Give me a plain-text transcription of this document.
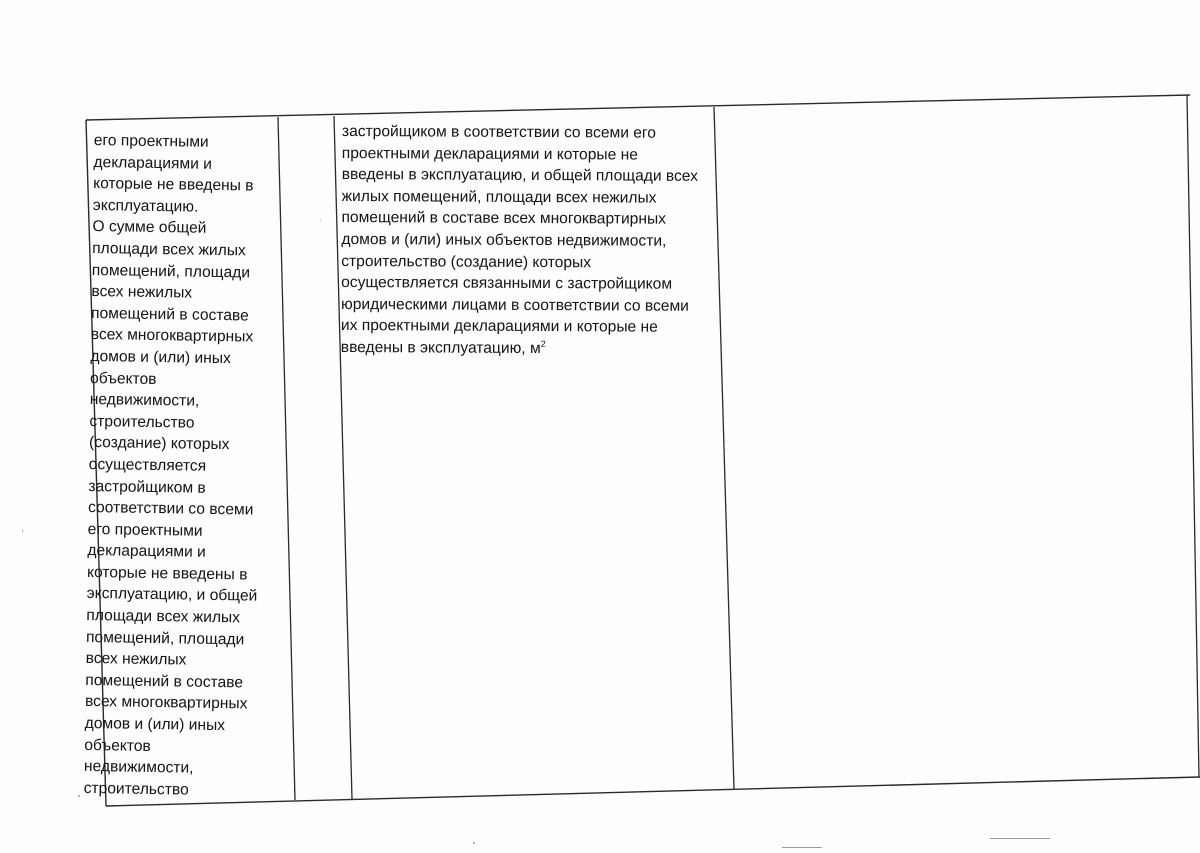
его проектными
декларациями и
которые не введены в
эксплуатацию.
О сумме общей
площади всех жилых
помещений, площади
всех нежилых
помещений в составе
всех многоквартирных
домов и (или) иных
объектов
недвижимости,
строительство
(создание) которых
осуществляется
застройщиком в
соответствии со всеми
его проектными
декларациями и
которые не введены в
эксплуатацию, и общей
площади всех жилых
помещений, площади
всех нежилых
помещений в составе
всех многоквартирных
домов и (или) иных
объектов
недвижимости,
строительство
застройщиком в соответствии со всеми его
проектными декларациями и которые не
введены в эксплуатацию, и общей площади всех
жилых помещений, площади всех нежилых
помещений в составе всех многоквартирных
домов и (или) иных объектов недвижимости,
строительство (создание) которых
осуществляется связанными с застройщиком
юридическими лицами в соответствии со всеми
их проектными декларациями и которые не
введены в эксплуатацию, $м^2$
